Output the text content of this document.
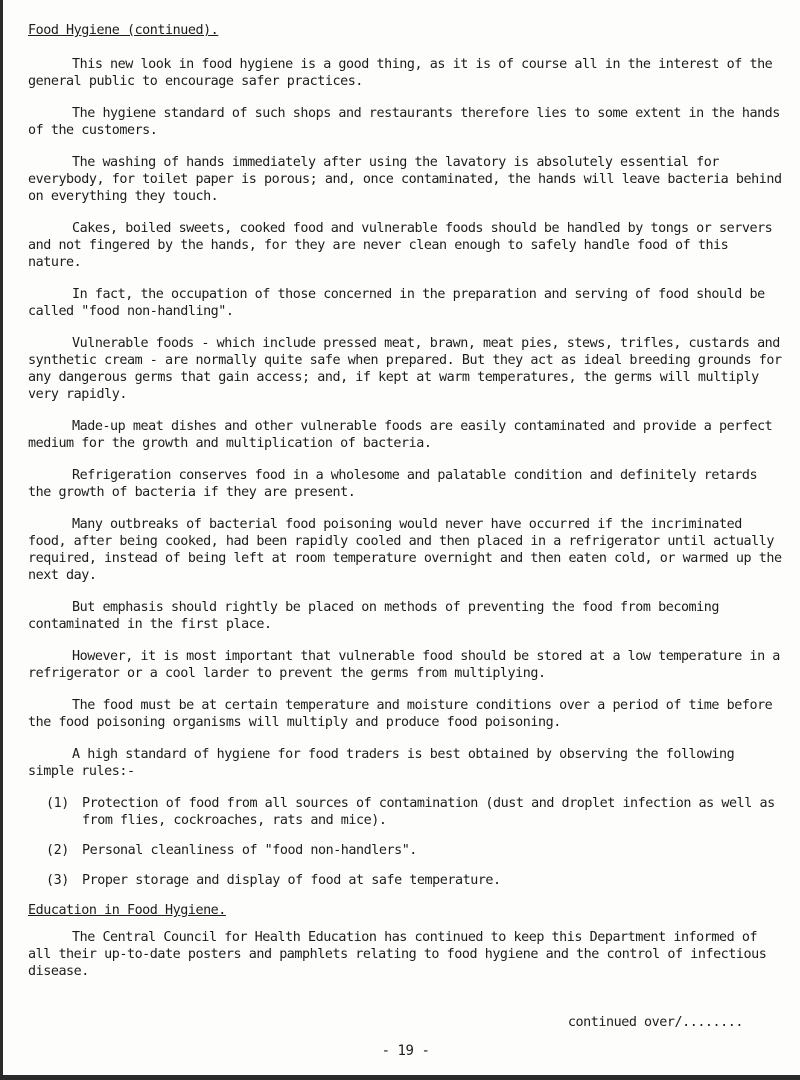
Food Hygiene (continued).

This new look in food hygiene is a good thing, as it is of course all in the interest of the general public to encourage safer practices.

The hygiene standard of such shops and restaurants therefore lies to some extent in the hands of the customers.

The washing of hands immediately after using the lavatory is absolutely essential for everybody, for toilet paper is porous; and, once contaminated, the hands will leave bacteria behind on everything they touch.

Cakes, boiled sweets, cooked food and vulnerable foods should be handled by tongs or servers and not fingered by the hands, for they are never clean enough to safely handle food of this nature.

In fact, the occupation of those concerned in the preparation and serving of food should be called "food non-handling".

Vulnerable foods - which include pressed meat, brawn, meat pies, stews, trifles, custards and synthetic cream - are normally quite safe when prepared. But they act as ideal breeding grounds for any dangerous germs that gain access; and, if kept at warm temperatures, the germs will multiply very rapidly.

Made-up meat dishes and other vulnerable foods are easily contaminated and provide a perfect medium for the growth and multiplication of bacteria.

Refrigeration conserves food in a wholesome and palatable condition and definitely retards the growth of bacteria if they are present.

Many outbreaks of bacterial food poisoning would never have occurred if the incriminated food, after being cooked, had been rapidly cooled and then placed in a refrigerator until actually required, instead of being left at room temperature overnight and then eaten cold, or warmed up the next day.

But emphasis should rightly be placed on methods of preventing the food from becoming contaminated in the first place.

However, it is most important that vulnerable food should be stored at a low temperature in a refrigerator or a cool larder to prevent the germs from multiplying.

The food must be at certain temperature and moisture conditions over a period of time before the food poisoning organisms will multiply and produce food poisoning.

A high standard of hygiene for food traders is best obtained by observing the following simple rules:-

(1) Protection of food from all sources of contamination (dust and droplet infection as well as from flies, cockroaches, rats and mice).
(2) Personal cleanliness of "food non-handlers".
(3) Proper storage and display of food at safe temperature.
Education in Food Hygiene.

The Central Council for Health Education has continued to keep this Department informed of all their up-to-date posters and pamphlets relating to food hygiene and the control of infectious disease.

continued over/........
- 19 -
